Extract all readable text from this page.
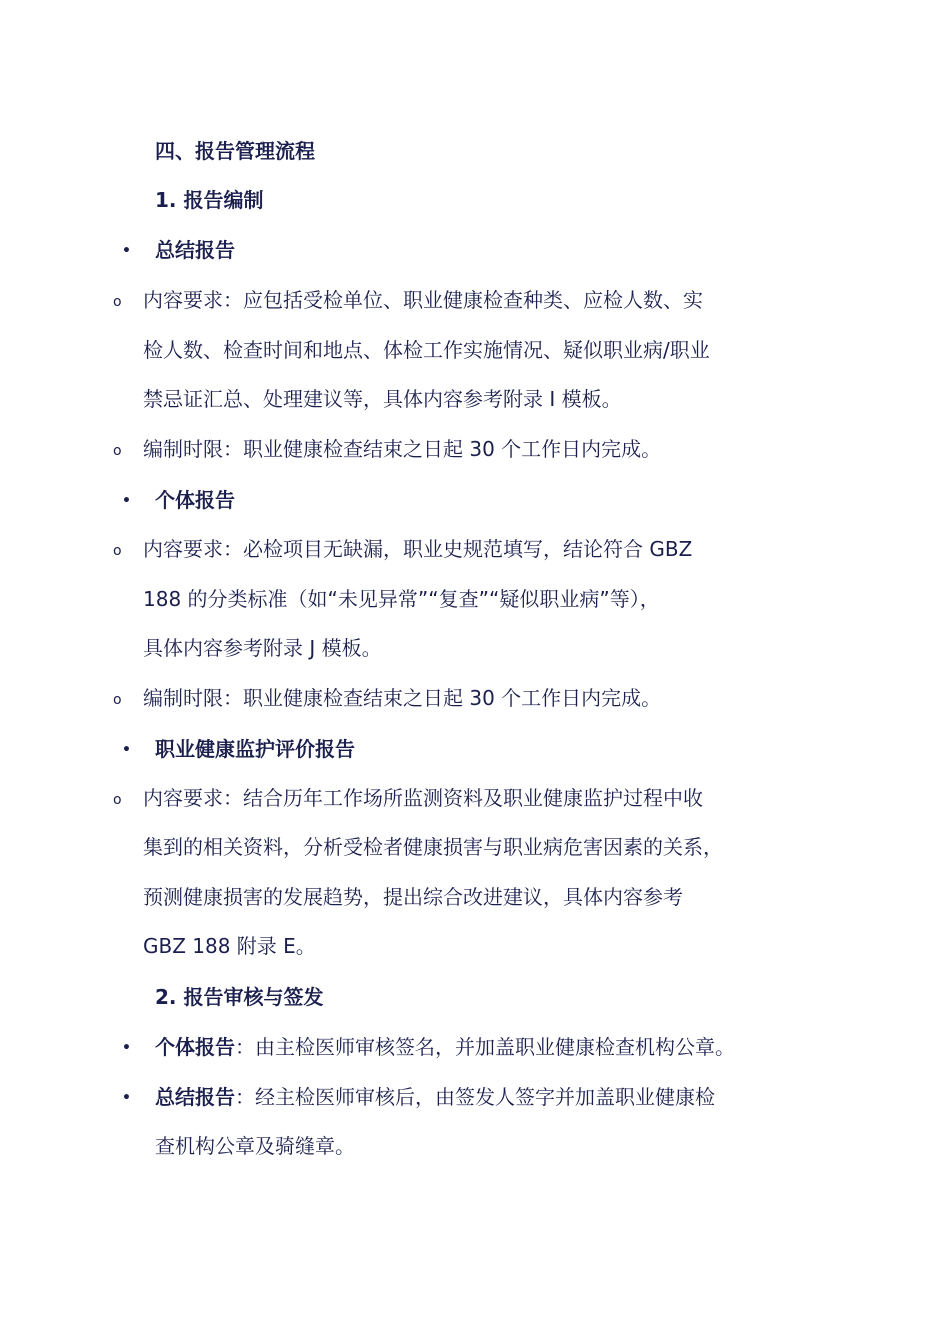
四、报告管理流程
1. 报告编制
• 总结报告
o 内容要求：应包括受检单位、职业健康检查种类、应检人数、实
检人数、检查时间和地点、体检工作实施情况、疑似职业病/职业
禁忌证汇总、处理建议等，具体内容参考附录 I 模板。
o 编制时限：职业健康检查结束之日起 30 个工作日内完成。
• 个体报告
o 内容要求：必检项目无缺漏，职业史规范填写，结论符合 GBZ
188 的分类标准（如“未见异常”“复查”“疑似职业病”等），
具体内容参考附录 J 模板。
o 编制时限：职业健康检查结束之日起 30 个工作日内完成。
• 职业健康监护评价报告
o 内容要求：结合历年工作场所监测资料及职业健康监护过程中收
集到的相关资料，分析受检者健康损害与职业病危害因素的关系，
预测健康损害的发展趋势，提出综合改进建议，具体内容参考
GBZ 188 附录 E。
2. 报告审核与签发
• 个体报告：由主检医师审核签名，并加盖职业健康检查机构公章。
• 总结报告：经主检医师审核后，由签发人签字并加盖职业健康检
查机构公章及骑缝章。
